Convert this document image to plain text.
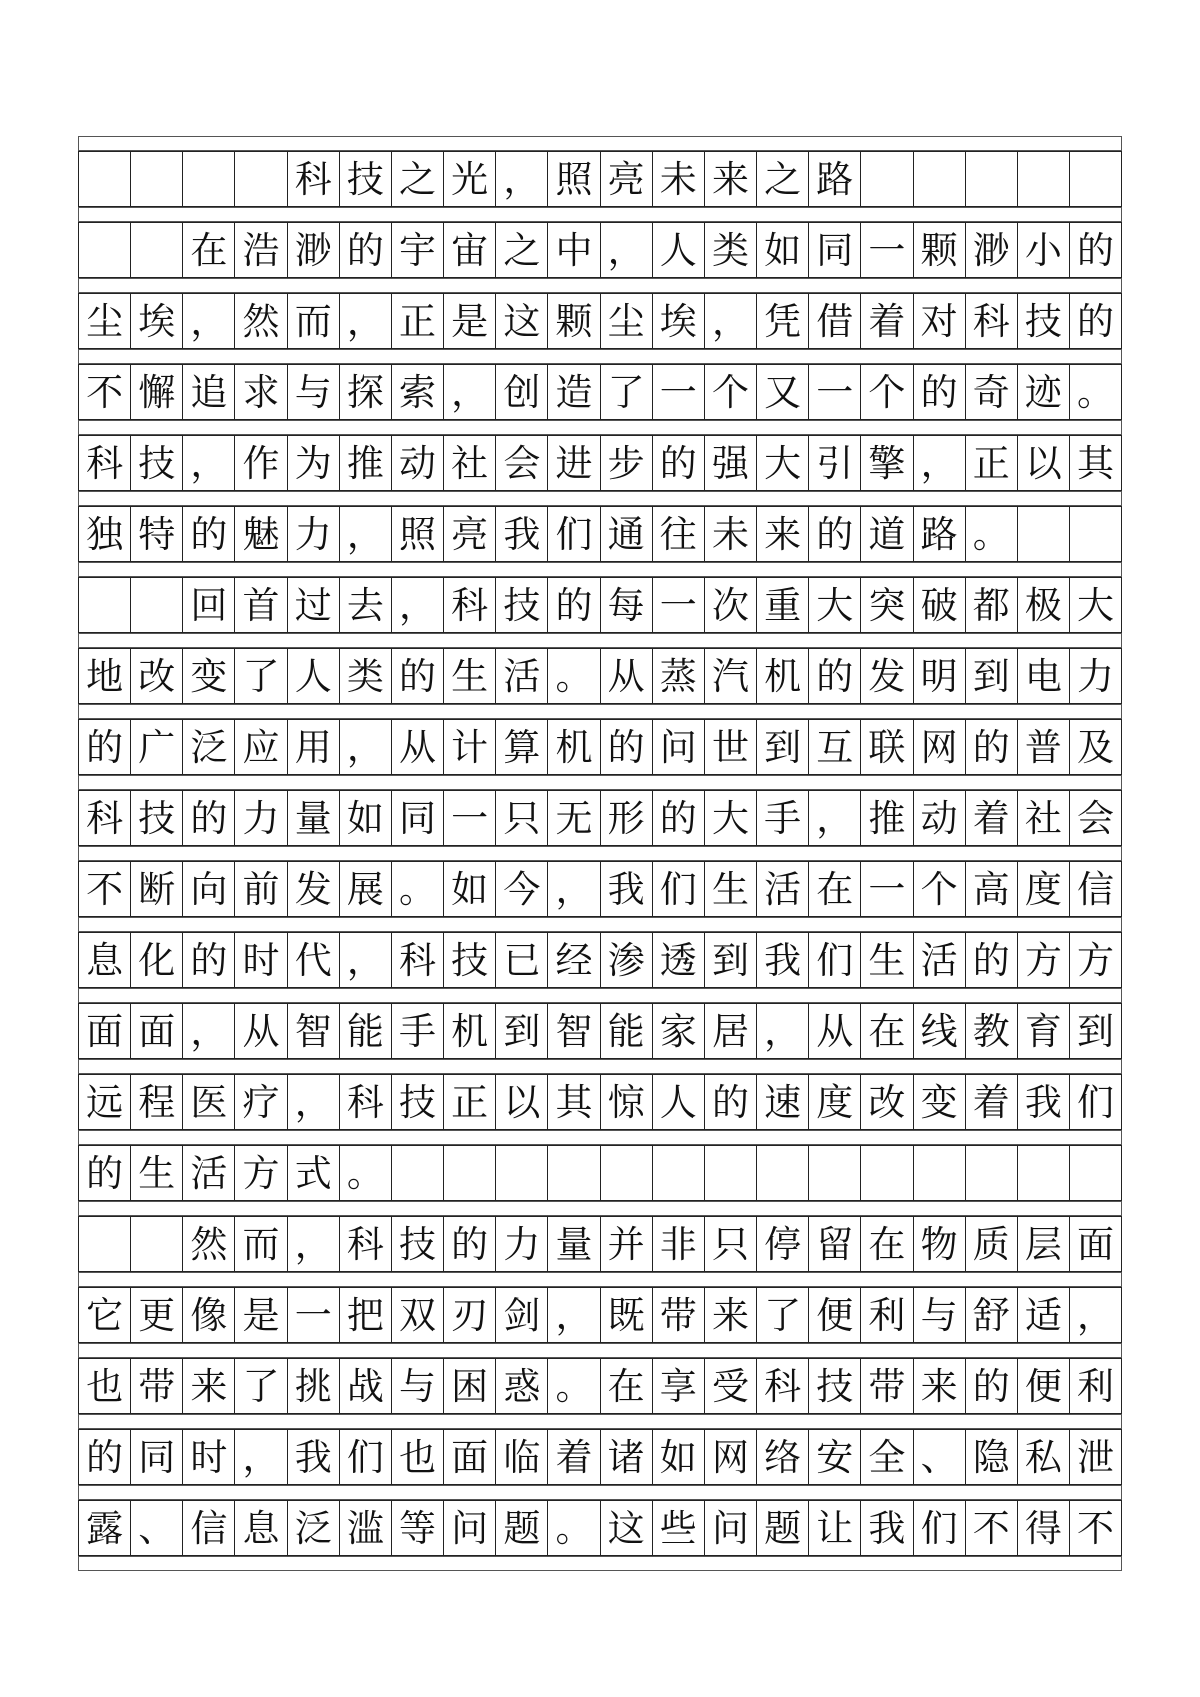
科 技 之 光 ， 照 亮 未 来 之 路
在 浩 渺 的 宇 宙 之 中 ， 人 类 如 同 一 颗 渺 小 的
尘 埃 ， 然 而 ， 正 是 这 颗 尘 埃 ， 凭 借 着 对 科 技 的
不 懈 追 求 与 探 索 ， 创 造 了 一 个 又 一 个 的 奇 迹 。
科 技 ， 作 为 推 动 社 会 进 步 的 强 大 引 擎 ， 正 以 其
独 特 的 魅 力 ， 照 亮 我 们 通 往 未 来 的 道 路 。
回 首 过 去 ， 科 技 的 每 一 次 重 大 突 破 都 极 大
地 改 变 了 人 类 的 生 活 。 从 蒸 汽 机 的 发 明 到 电 力
的 广 泛 应 用 ， 从 计 算 机 的 问 世 到 互 联 网 的 普 及
科 技 的 力 量 如 同 一 只 无 形 的 大 手 ， 推 动 着 社 会
不 断 向 前 发 展 。 如 今 ， 我 们 生 活 在 一 个 高 度 信
息 化 的 时 代 ， 科 技 已 经 渗 透 到 我 们 生 活 的 方 方
面 面 ， 从 智 能 手 机 到 智 能 家 居 ， 从 在 线 教 育 到
远 程 医 疗 ， 科 技 正 以 其 惊 人 的 速 度 改 变 着 我 们
的 生 活 方 式 。
然 而 ， 科 技 的 力 量 并 非 只 停 留 在 物 质 层 面
它 更 像 是 一 把 双 刃 剑 ， 既 带 来 了 便 利 与 舒 适 ，
也 带 来 了 挑 战 与 困 惑 。 在 享 受 科 技 带 来 的 便 利
的 同 时 ， 我 们 也 面 临 着 诸 如 网 络 安 全 、 隐 私 泄
露 、 信 息 泛 滥 等 问 题 。 这 些 问 题 让 我 们 不 得 不
